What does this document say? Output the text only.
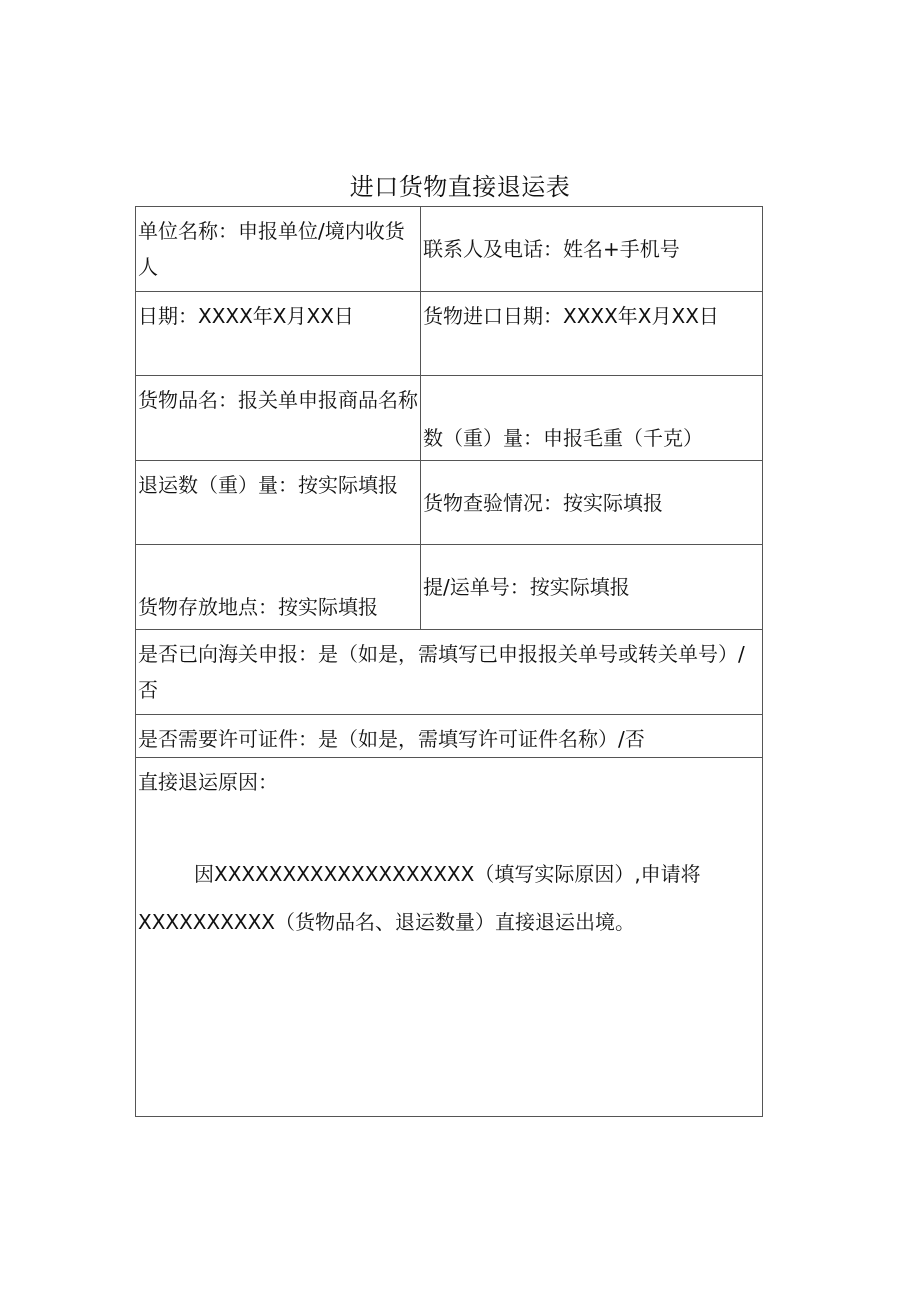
进口货物直接退运表
单位名称：申报单位/境内收货人
联系人及电话：姓名+手机号
日期：XXXX年X月XX日	货物进口日期：XXXX年X月XX日
货物品名：报关单申报商品名称
数（重）量：申报毛重（千克）
退运数（重）量：按实际填报
货物查验情况：按实际填报
货物存放地点：按实际填报
提/运单号：按实际填报
是否已向海关申报：是（如是，需填写已申报报关单号或转关单号）/否
是否需要许可证件：是（如是，需填写许可证件名称）/否
直接退运原因：
因XXXXXXXXXXXXXXXXXXX（填写实际原因）,申请将XXXXXXXXXX（货物品名、退运数量）直接退运出境。
